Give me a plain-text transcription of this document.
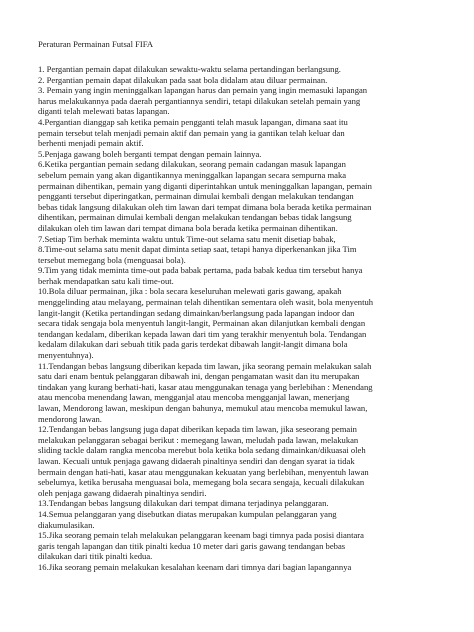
Peraturan Permainan Futsal FIFA
1. Pergantian pemain dapat dilakukan sewaktu-waktu selama pertandingan berlangsung.
2. Pergantian pemain dapat dilakukan pada saat bola didalam atau diluar permainan.
3. Pemain yang ingin meninggalkan lapangan harus dan pemain yang ingin memasuki lapangan
harus melakukannya pada daerah pergantiannya sendiri, tetapi dilakukan setelah pemain yang
diganti telah melewati batas lapangan.
4.Pergantian dianggap sah ketika pemain pengganti telah masuk lapangan, dimana saat itu
pemain tersebut telah menjadi pemain aktif dan pemain yang ia gantikan telah keluar dan
berhenti menjadi pemain aktif.
5.Penjaga gawang boleh berganti tempat dengan pemain lainnya.
6.Ketika pergantian pemain sedang dilakukan, seorang pemain cadangan masuk lapangan
sebelum pemain yang akan digantikannya meninggalkan lapangan secara sempurna maka
permainan dihentikan, pemain yang diganti diperintahkan untuk meninggalkan lapangan, pemain
pengganti tersebut diperingatkan, permainan dimulai kembali dengan melakukan tendangan
bebas tidak langsung dilakukan oleh tim lawan dari tempat dimana bola berada ketika permainan
dihentikan, permainan dimulai kembali dengan melakukan tendangan bebas tidak langsung
dilakukan oleh tim lawan dari tempat dimana bola berada ketika permainan dihentikan.
7.Setiap Tim berhak meminta waktu untuk Time-out selama satu menit disetiap babak,
8.Time-out selama satu menit dapat diminta setiap saat, tetapi hanya diperkenankan jika Tim
tersebut memegang bola (menguasai bola).
9.Tim yang tidak meminta time-out pada babak pertama, pada babak kedua tim tersebut hanya
berhak mendapatkan satu kali time-out.
10.Bola diluar permainan, jika : bola secara keseluruhan melewati garis gawang, apakah
menggelinding atau melayang, permainan telah dihentikan sementara oleh wasit, bola menyentuh
langit-langit (Ketika pertandingan sedang dimainkan/berlangsung pada lapangan indoor dan
secara tidak sengaja bola menyentuh langit-langit, Permainan akan dilanjutkan kembali dengan
tendangan kedalam, diberikan kepada lawan dari tim yang terakhir menyentuh bola. Tendangan
kedalam dilakukan dari sebuah titik pada garis terdekat dibawah langit-langit dimana bola
menyentuhnya).
11.Tendangan bebas langsung diberikan kepada tim lawan, jika seorang pemain melakukan salah
satu dari enam bentuk pelanggaran dibawah ini, dengan pengamatan wasit dan itu merupakan
tindakan yang kurang berhati-hati, kasar atau menggunakan tenaga yang berlebihan : Menendang
atau mencoba menendang lawan, mengganjal atau mencoba mengganjal lawan, menerjang
lawan, Mendorong lawan, meskipun dengan bahunya, memukul atau mencoba memukul lawan,
mendorong lawan.
12.Tendangan bebas langsung juga dapat diberikan kepada tim lawan, jika seseorang pemain
melakukan pelanggaran sebagai berikut : memegang lawan, meludah pada lawan, melakukan
sliding tackle dalam rangka mencoba merebut bola ketika bola sedang dimainkan/dikuasai oleh
lawan. Kecuali untuk penjaga gawang didaerah pinaltinya sendiri dan dengan syarat ia tidak
bermain dengan hati-hati, kasar atau menggunakan kekuatan yang berlebihan, menyentuh lawan
sebelumya, ketika berusaha menguasai bola, memegang bola secara sengaja, kecuali dilakukan
oleh penjaga gawang didaerah pinaltinya sendiri.
13.Tendangan bebas langsung dilakukan dari tempat dimana terjadinya pelanggaran.
14.Semua pelanggaran yang disebutkan diatas merupakan kumpulan pelanggaran yang
diakumulasikan.
15.Jika seorang pemain telah melakukan pelanggaran keenam bagi timnya pada posisi diantara
garis tengah lapangan dan titik pinalti kedua 10 meter dari garis gawang tendangan bebas
dilakukan dari titik pinalti kedua.
16.Jika seorang pemain melakukan kesalahan keenam dari timnya dari bagian lapangannya
